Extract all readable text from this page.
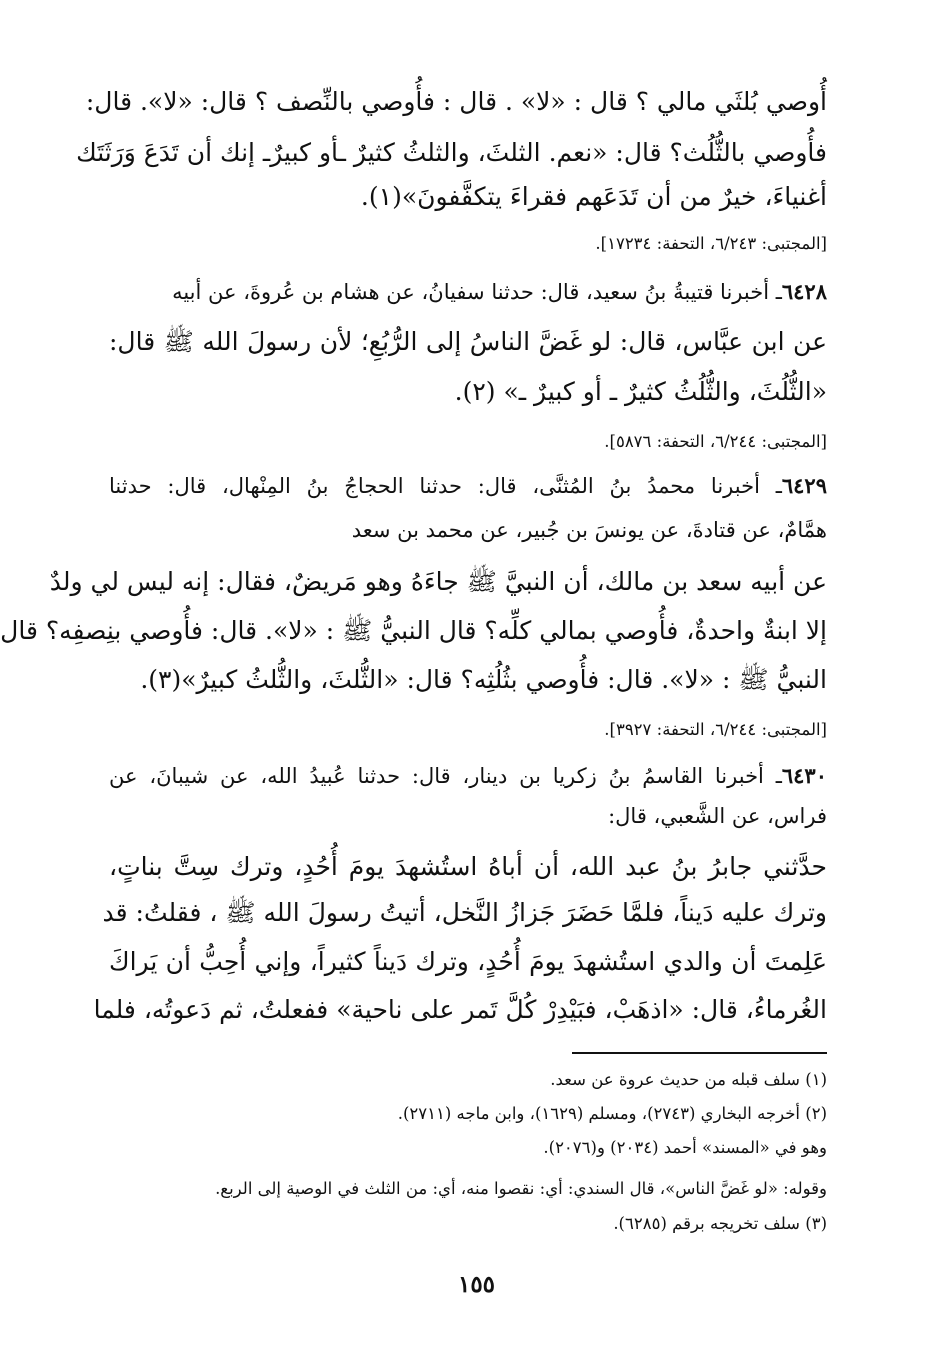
أُوصي بُلثَي مالي ؟ قال : «لا» . قال : فأُوصي بالنِّصف ؟ قال: «لا». قال:
فأُوصي بالثُّلُث؟ قال: «نعم. الثلثَ، والثلثُ كثيرٌ ـأو كبيرٌـ إنك أن تَدَعَ وَرَثَتَك
أغنياءَ، خيرٌ من أن تَدَعَهم فقراءَ يتكفَّفونَ»(١).
[المجتبى: ٦/٢٤٣، التحفة: ١٧٢٣٤].
٦٤٢٨ـ أخبرنا قتيبةُ بنُ سعيد، قال: حدثنا سفيانُ، عن هشام بن عُروةَ، عن أبيه
عن ابن عبَّاس، قال: لو غَضَّ الناسُ إلى الرُّبُعِ؛ لأن رسولَ الله ﷺ قال:
«الثُّلُثَ، والثُّلُثُ كثيرٌ ـ أو كبيرٌ ـ» (٢).
[المجتبى: ٦/٢٤٤، التحفة: ٥٨٧٦].
٦٤٢٩ـ أخبرنا محمدُ بنُ المُثنَّى، قال: حدثنا الحجاجُ بنُ المِنْهال، قال: حدثنا
همَّامٌ، عن قتادةَ، عن يونسَ بن جُبير، عن محمد بن سعد
عن أبيه سعد بن مالك، أن النبيَّ ﷺ جاءَهُ وهو مَريضٌ، فقال: إنه ليس لي ولدٌ
إلا ابنةٌ واحدةٌ، فأُوصي بمالي كلِّه؟ قال النبيُّ ﷺ : «لا». قال: فأُوصي بنِصفِه؟ قال
النبيُّ ﷺ : «لا». قال: فأُوصي بثُلُثِه؟ قال: «الثُّلثَ، والثُّلثُ كبيرٌ»(٣).
[المجتبى: ٦/٢٤٤، التحفة: ٣٩٢٧].
٦٤٣٠ـ أخبرنا القاسمُ بنُ زكريا بن دينار، قال: حدثنا عُبيدُ الله، عن شيبانَ، عن
فراس، عن الشَّعبي، قال:
حدَّثني جابرُ بنُ عبد الله، أن أباهُ استُشهدَ يومَ أُحُدٍ، وترك سِتَّ بناتٍ،
وترك عليه دَيناً، فلمَّا حَضَرَ جَزازُ النَّخل، أتيتُ رسولَ الله ﷺ ، فقلتُ: قد
عَلِمتَ أن والدي استُشهدَ يومَ أُحُدٍ، وترك دَيناً كثيراً، وإني أُحِبُّ أن يَراكَ
الغُرماءُ، قال: «اذهَبْ، فبَيْدِرْ كُلَّ تَمر على ناحية» ففعلتُ، ثم دَعوتُه، فلما
(١) سلف قبله من حديث عروة عن سعد.
(٢) أخرجه البخاري (٢٧٤٣)، ومسلم (١٦٢٩)، وابن ماجه (٢٧١١).
وهو في «المسند» أحمد (٢٠٣٤) و(٢٠٧٦).
وقوله: «لو غَضَّ الناس»، قال السندي: أي: نقصوا منه، أي: من الثلث في الوصية إلى الربع.
(٣) سلف تخريجه برقم (٦٢٨٥).
١٥٥
